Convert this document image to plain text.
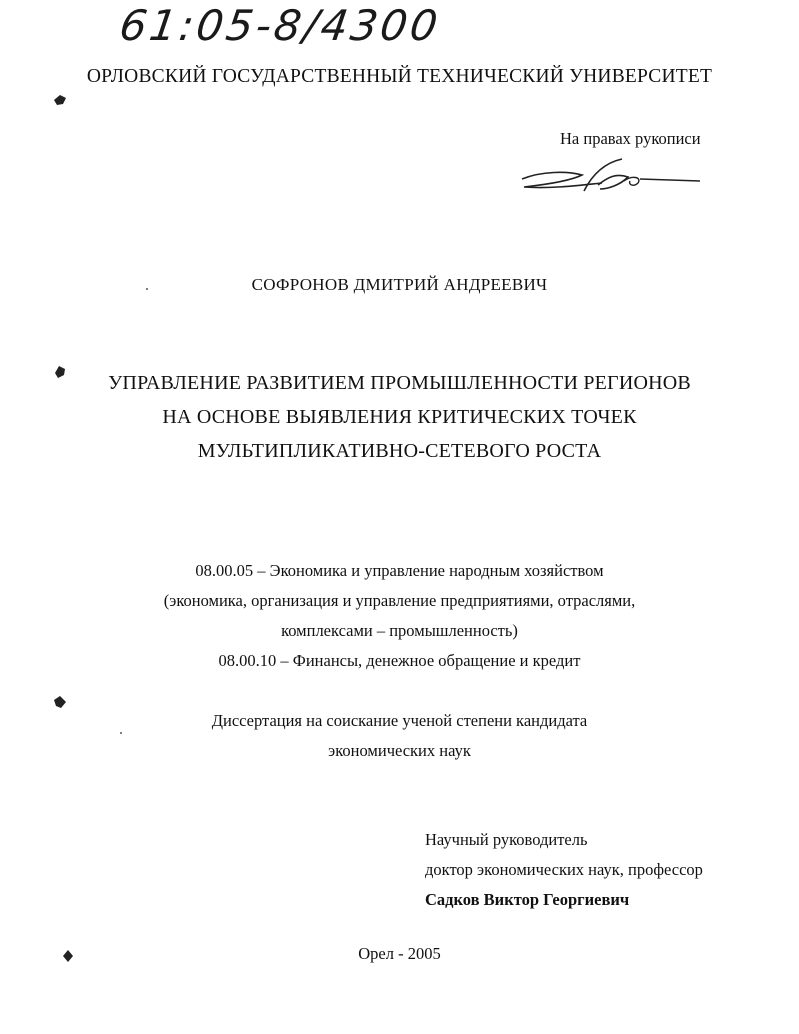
61:05-8/4300
ОРЛОВСКИЙ ГОСУДАРСТВЕННЫЙ ТЕХНИЧЕСКИЙ УНИВЕРСИТЕТ
На правах рукописи
СОФРОНОВ ДМИТРИЙ АНДРЕЕВИЧ
УПРАВЛЕНИЕ РАЗВИТИЕМ ПРОМЫШЛЕННОСТИ РЕГИОНОВ
НА ОСНОВЕ ВЫЯВЛЕНИЯ КРИТИЧЕСКИХ ТОЧЕК
МУЛЬТИПЛИКАТИВНО-СЕТЕВОГО РОСТА
08.00.05 – Экономика и управление народным хозяйством
(экономика, организация и управление предприятиями, отраслями,
комплексами – промышленность)
08.00.10 – Финансы, денежное обращение и кредит
Диссертация на соискание ученой степени кандидата
экономических наук
Научный руководитель
доктор экономических наук, профессор
Садков Виктор Георгиевич
Орел - 2005
